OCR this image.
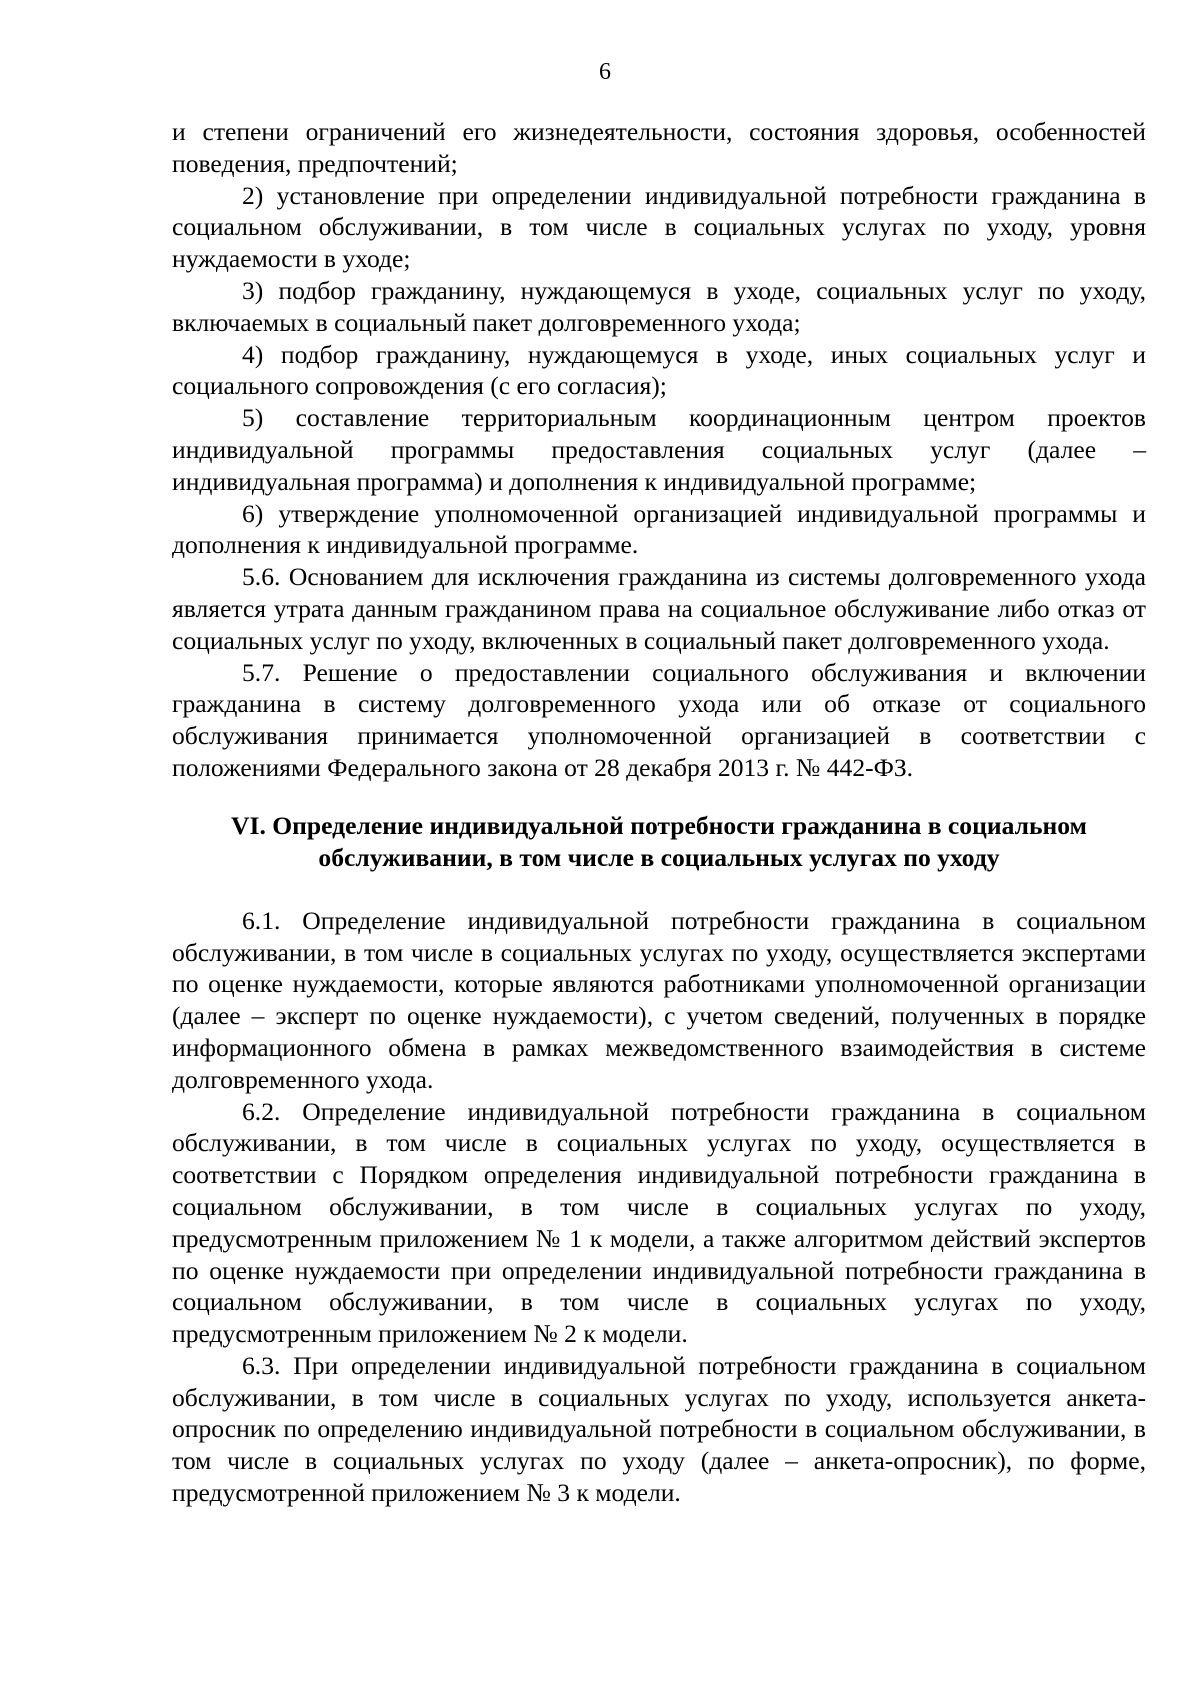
6

и степени ограничений его жизнедеятельности, состояния здоровья, особенностей поведения, предпочтений;

2) установление при определении индивидуальной потребности гражданина в социальном обслуживании, в том числе в социальных услугах по уходу, уровня нуждаемости в уходе;

3) подбор гражданину, нуждающемуся в уходе, социальных услуг по уходу, включаемых в социальный пакет долговременного ухода;

4) подбор гражданину, нуждающемуся в уходе, иных социальных услуг и социального сопровождения (с его согласия);

5) составление территориальным координационным центром проектов индивидуальной программы предоставления социальных услуг (далее – индивидуальная программа) и дополнения к индивидуальной программе;

6) утверждение уполномоченной организацией индивидуальной программы и дополнения к индивидуальной программе.

5.6. Основанием для исключения гражданина из системы долговременного ухода является утрата данным гражданином права на социальное обслуживание либо отказ от социальных услуг по уходу, включенных в социальный пакет долговременного ухода.

5.7. Решение о предоставлении социального обслуживания и включении гражданина в систему долговременного ухода или об отказе от социального обслуживания принимается уполномоченной организацией в соответствии с положениями Федерального закона от 28 декабря 2013 г. № 442-ФЗ.

VI. Определение индивидуальной потребности гражданина в социальном
обслуживании, в том числе в социальных услугах по уходу

6.1. Определение индивидуальной потребности гражданина в социальном обслуживании, в том числе в социальных услугах по уходу, осуществляется экспертами по оценке нуждаемости, которые являются работниками уполномоченной организации (далее – эксперт по оценке нуждаемости), с учетом сведений, полученных в порядке информационного обмена в рамках межведомственного взаимодействия в системе долговременного ухода.

6.2. Определение индивидуальной потребности гражданина в социальном обслуживании, в том числе в социальных услугах по уходу, осуществляется в соответствии с Порядком определения индивидуальной потребности гражданина в социальном обслуживании, в том числе в социальных услугах по уходу, предусмотренным приложением № 1 к модели, а также алгоритмом действий экспертов по оценке нуждаемости при определении индивидуальной потребности гражданина в социальном обслуживании, в том числе в социальных услугах по уходу, предусмотренным приложением № 2 к модели.

6.3. При определении индивидуальной потребности гражданина в социальном обслуживании, в том числе в социальных услугах по уходу, используется анкета-опросник по определению индивидуальной потребности в социальном обслуживании, в том числе в социальных услугах по уходу (далее – анкета-опросник), по форме, предусмотренной приложением № 3 к модели.
